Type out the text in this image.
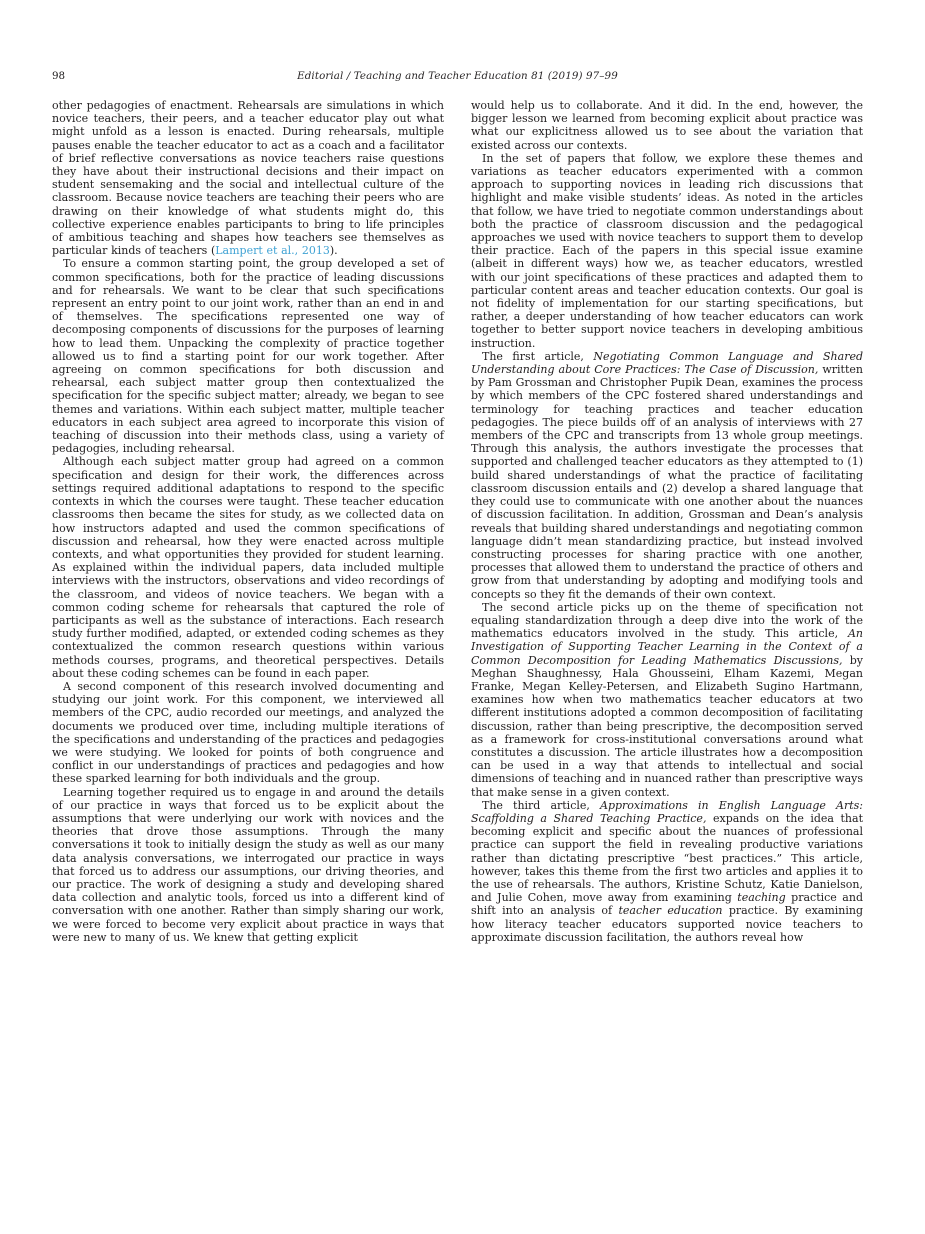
98	Editorial / Teaching and Teacher Education 81 (2019) 97–99

other pedagogies of enactment. Rehearsals are simulations in which novice teachers, their peers, and a teacher educator play out what might unfold as a lesson is enacted. During rehearsals, multiple pauses enable the teacher educator to act as a coach and a facilitator of brief reflective conversations as novice teachers raise questions they have about their instructional decisions and their impact on student sensemaking and the social and intellectual culture of the classroom. Because novice teachers are teaching their peers who are drawing on their knowledge of what students might do, this collective experience enables participants to bring to life principles of ambitious teaching and shapes how teachers see themselves as particular kinds of teachers (Lampert et al., 2013).

To ensure a common starting point, the group developed a set of common specifications, both for the practice of leading discussions and for rehearsals. We want to be clear that such specifications represent an entry point to our joint work, rather than an end in and of themselves. The specifications represented one way of decomposing components of discussions for the purposes of learning how to lead them. Unpacking the complexity of practice together allowed us to find a starting point for our work together. After agreeing on common specifications for both discussion and rehearsal, each subject matter group then contextualized the specification for the specific subject matter; already, we began to see themes and variations. Within each subject matter, multiple teacher educators in each subject area agreed to incorporate this vision of teaching of discussion into their methods class, using a variety of pedagogies, including rehearsal.

Although each subject matter group had agreed on a common specification and design for their work, the differences across settings required additional adaptations to respond to the specific contexts in which the courses were taught. These teacher education classrooms then became the sites for study, as we collected data on how instructors adapted and used the common specifications of discussion and rehearsal, how they were enacted across multiple contexts, and what opportunities they provided for student learning. As explained within the individual papers, data included multiple interviews with the instructors, observations and video recordings of the classroom, and videos of novice teachers. We began with a common coding scheme for rehearsals that captured the role of participants as well as the substance of interactions. Each research study further modified, adapted, or extended coding schemes as they contextualized the common research questions within various methods courses, programs, and theoretical perspectives. Details about these coding schemes can be found in each paper.

A second component of this research involved documenting and studying our joint work. For this component, we interviewed all members of the CPC, audio recorded our meetings, and analyzed the documents we produced over time, including multiple iterations of the specifications and understanding of the practices and pedagogies we were studying. We looked for points of both congruence and conflict in our understandings of practices and pedagogies and how these sparked learning for both individuals and the group.

Learning together required us to engage in and around the details of our practice in ways that forced us to be explicit about the assumptions that were underlying our work with novices and the theories that drove those assumptions. Through the many conversations it took to initially design the study as well as our many data analysis conversations, we interrogated our practice in ways that forced us to address our assumptions, our driving theories, and our practice. The work of designing a study and developing shared data collection and analytic tools, forced us into a different kind of conversation with one another. Rather than simply sharing our work, we were forced to become very explicit about practice in ways that were new to many of us. We knew that getting explicit

would help us to collaborate. And it did. In the end, however, the bigger lesson we learned from becoming explicit about practice was what our explicitness allowed us to see about the variation that existed across our contexts.

In the set of papers that follow, we explore these themes and variations as teacher educators experimented with a common approach to supporting novices in leading rich discussions that highlight and make visible students’ ideas. As noted in the articles that follow, we have tried to negotiate common understandings about both the practice of classroom discussion and the pedagogical approaches we used with novice teachers to support them to develop their practice. Each of the papers in this special issue examine (albeit in different ways) how we, as teacher educators, wrestled with our joint specifications of these practices and adapted them to particular content areas and teacher education contexts. Our goal is not fidelity of implementation for our starting specifications, but rather, a deeper understanding of how teacher educators can work together to better support novice teachers in developing ambitious instruction.

The first article, Negotiating Common Language and Shared Understanding about Core Practices: The Case of Discussion, written by Pam Grossman and Christopher Pupik Dean, examines the process by which members of the CPC fostered shared understandings and terminology for teaching practices and teacher education pedagogies. The piece builds off of an analysis of interviews with 27 members of the CPC and transcripts from 13 whole group meetings. Through this analysis, the authors investigate the processes that supported and challenged teacher educators as they attempted to (1) build shared understandings of what the practice of facilitating classroom discussion entails and (2) develop a shared language that they could use to communicate with one another about the nuances of discussion facilitation. In addition, Grossman and Dean’s analysis reveals that building shared understandings and negotiating common language didn’t mean standardizing practice, but instead involved constructing processes for sharing practice with one another, processes that allowed them to understand the practice of others and grow from that understanding by adopting and modifying tools and concepts so they fit the demands of their own context.

The second article picks up on the theme of specification not equaling standardization through a deep dive into the work of the mathematics educators involved in the study. This article, An Investigation of Supporting Teacher Learning in the Context of a Common Decomposition for Leading Mathematics Discussions, by Meghan Shaughnessy, Hala Ghousseini, Elham Kazemi, Megan Franke, Megan Kelley-Petersen, and Elizabeth Sugino Hartmann, examines how when two mathematics teacher educators at two different institutions adopted a common decomposition of facilitating discussion, rather than being prescriptive, the decomposition served as a framework for cross-institutional conversations around what constitutes a discussion. The article illustrates how a decomposition can be used in a way that attends to intellectual and social dimensions of teaching and in nuanced rather than prescriptive ways that make sense in a given context.

The third article, Approximations in English Language Arts: Scaffolding a Shared Teaching Practice, expands on the idea that becoming explicit and specific about the nuances of professional practice can support the field in revealing productive variations rather than dictating prescriptive “best practices.” This article, however, takes this theme from the first two articles and applies it to the use of rehearsals. The authors, Kristine Schutz, Katie Danielson, and Julie Cohen, move away from examining teaching practice and shift into an analysis of teacher education practice. By examining how literacy teacher educators supported novice teachers to approximate discussion facilitation, the authors reveal how
